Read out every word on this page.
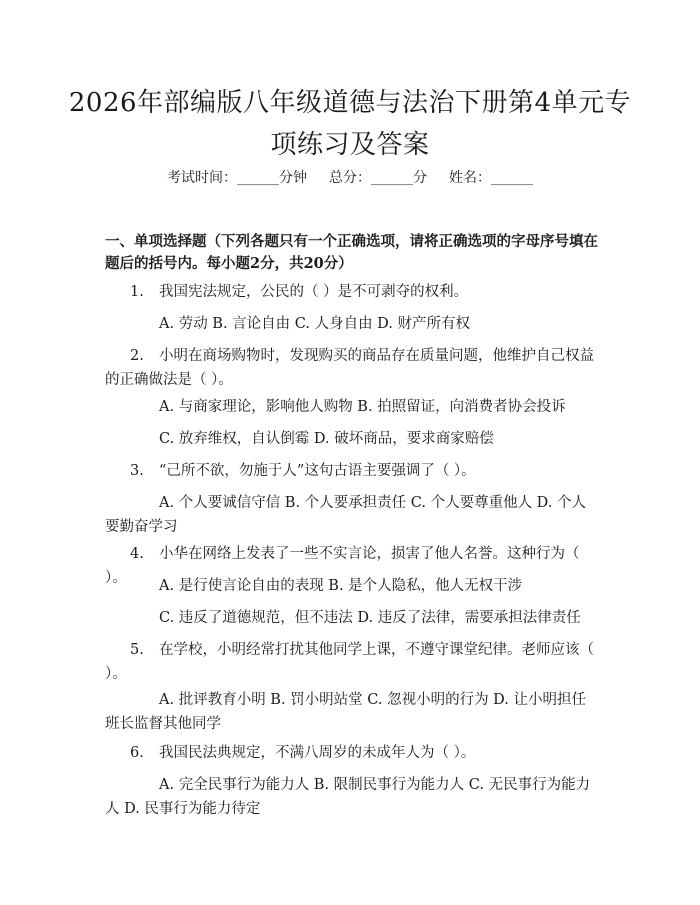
2026年部编版八年级道德与法治下册第4单元专项练习及答案
考试时间：______分钟 总分：______分 姓名：______
一、单项选择题（下列各题只有一个正确选项，请将正确选项的字母序号填在题后的括号内。每小题2分，共20分）
1. 我国宪法规定，公民的（ ）是不可剥夺的权利。
A. 劳动 B. 言论自由 C. 人身自由 D. 财产所有权
2. 小明在商场购物时，发现购买的商品存在质量问题，他维护自己权益的正确做法是（ ）。
A. 与商家理论，影响他人购物 B. 拍照留证，向消费者协会投诉
C. 放弃维权，自认倒霉 D. 破坏商品，要求商家赔偿
3. “己所不欲，勿施于人”这句古语主要强调了（ ）。
A. 个人要诚信守信 B. 个人要承担责任 C. 个人要尊重他人 D. 个人要勤奋学习
4. 小华在网络上发表了一些不实言论，损害了他人名誉。这种行为（ ）。	A. 是行使言论自由的表现 B. 是个人隐私，他人无权干涉
C. 违反了道德规范，但不违法 D. 违反了法律，需要承担法律责任
5. 在学校，小明经常打扰其他同学上课，不遵守课堂纪律。老师应该（ ）。
A. 批评教育小明 B. 罚小明站堂 C. 忽视小明的行为 D. 让小明担任班长监督其他同学
6. 我国民法典规定，不满八周岁的未成年人为（ ）。
A. 完全民事行为能力人 B. 限制民事行为能力人 C. 无民事行为能力人 D. 民事行为能力待定
